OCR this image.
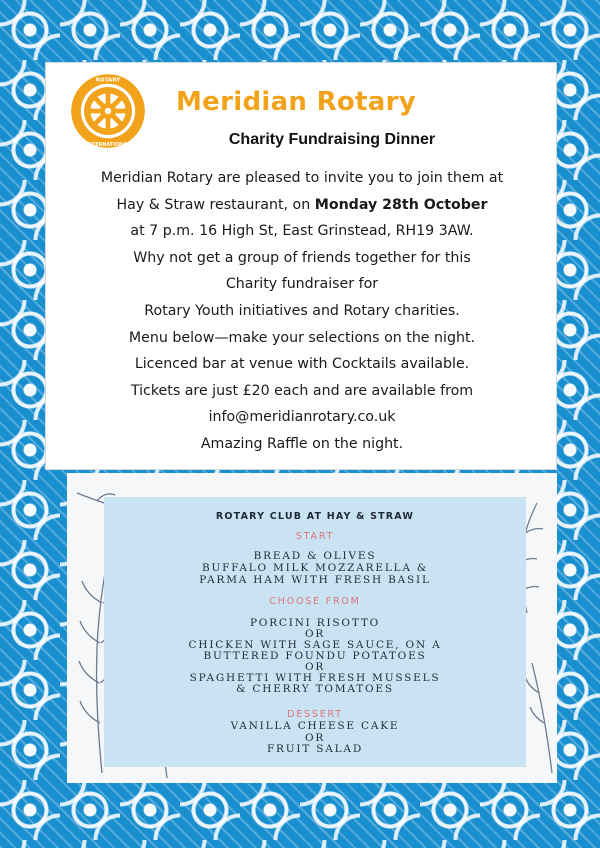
ROTARY
INTERNATIONAL
Meridian Rotary
Charity Fundraising Dinner
Meridian Rotary are pleased to invite you to join them at
Hay & Straw restaurant, on Monday 28th October
at 7 p.m. 16 High St, East Grinstead, RH19 3AW.
Why not get a group of friends together for this
Charity fundraiser for
Rotary Youth initiatives and Rotary charities.
Menu below—make your selections on the night.
Licenced bar at venue with Cocktails available.
Tickets are just £20 each and are available from
info@meridianrotary.co.uk
Amazing Raffle on the night.
ROTARY CLUB AT HAY & STRAW
START
BREAD & OLIVES
BUFFALO MILK MOZZARELLA &
PARMA HAM WITH FRESH BASIL
CHOOSE FROM
PORCINI RISOTTO
OR
CHICKEN WITH SAGE SAUCE, ON A
BUTTERED FOUNDU POTATOES
OR
SPAGHETTI WITH FRESH MUSSELS
& CHERRY TOMATOES
DESSERT
VANILLA CHEESE CAKE
OR
FRUIT SALAD
